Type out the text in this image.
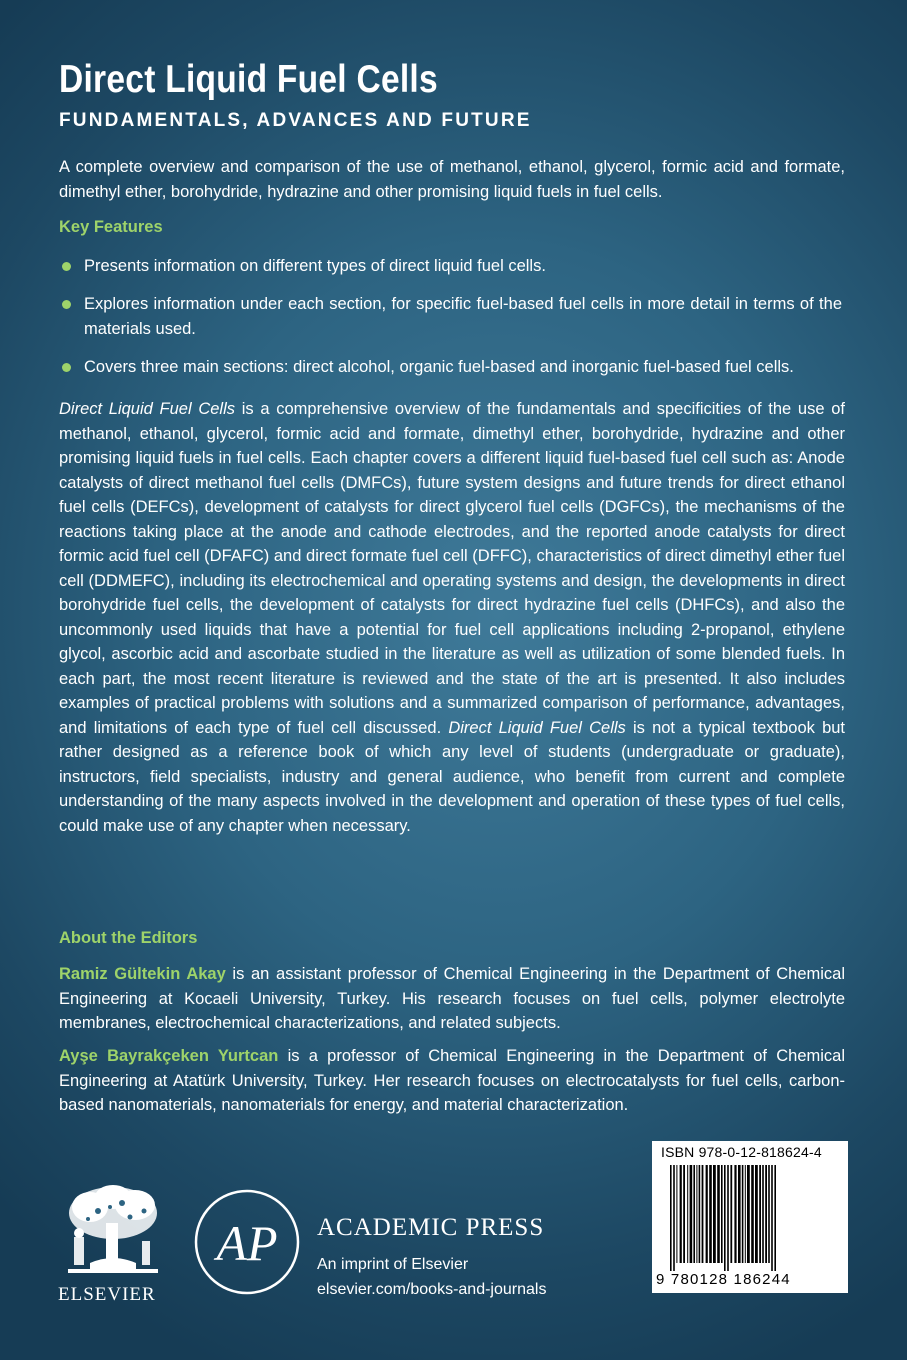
Direct Liquid Fuel Cells
FUNDAMENTALS, ADVANCES AND FUTURE

A complete overview and comparison of the use of methanol, ethanol, glycerol, formic acid and formate, dimethyl ether, borohydride, hydrazine and other promising liquid fuels in fuel cells.

Key Features
Presents information on different types of direct liquid fuel cells.
Explores information under each section, for specific fuel-based fuel cells in more detail in terms of the materials used.
Covers three main sections: direct alcohol, organic fuel-based and inorganic fuel-based fuel cells.

Direct Liquid Fuel Cells is a comprehensive overview of the fundamentals and specificities of the use of methanol, ethanol, glycerol, formic acid and formate, dimethyl ether, borohydride, hydrazine and other promising liquid fuels in fuel cells. Each chapter covers a different liquid fuel-based fuel cell such as: Anode catalysts of direct methanol fuel cells (DMFCs), future system designs and future trends for direct ethanol fuel cells (DEFCs), development of catalysts for direct glycerol fuel cells (DGFCs), the mechanisms of the reactions taking place at the anode and cathode electrodes, and the reported anode catalysts for direct formic acid fuel cell (DFAFC) and direct formate fuel cell (DFFC), characteristics of direct dimethyl ether fuel cell (DDMEFC), including its electrochemical and operating systems and design, the developments in direct borohydride fuel cells, the development of catalysts for direct hydrazine fuel cells (DHFCs), and also the uncommonly used liquids that have a potential for fuel cell applications including 2-propanol, ethylene glycol, ascorbic acid and ascorbate studied in the literature as well as utilization of some blended fuels. In each part, the most recent literature is reviewed and the state of the art is presented. It also includes examples of practical problems with solutions and a summarized comparison of performance, advantages, and limitations of each type of fuel cell discussed. Direct Liquid Fuel Cells is not a typical textbook but rather designed as a reference book of which any level of students (undergraduate or graduate), instructors, field specialists, industry and general audience, who benefit from current and complete understanding of the many aspects involved in the development and operation of these types of fuel cells, could make use of any chapter when necessary.

About the Editors

Ramiz Gültekin Akay is an assistant professor of Chemical Engineering in the Department of Chemical Engineering at Kocaeli University, Turkey. His research focuses on fuel cells, polymer electrolyte membranes, electrochemical characterizations, and related subjects.

Ayşe Bayrakçeken Yurtcan is a professor of Chemical Engineering in the Department of Chemical Engineering at Atatürk University, Turkey. Her research focuses on electrocatalysts for fuel cells, carbon-based nanomaterials, nanomaterials for energy, and material characterization.

ISBN 978-0-12-818624-4
9 780128 186244
ELSEVIER
AP ACADEMIC PRESS
An imprint of Elsevier
elsevier.com/books-and-journals
